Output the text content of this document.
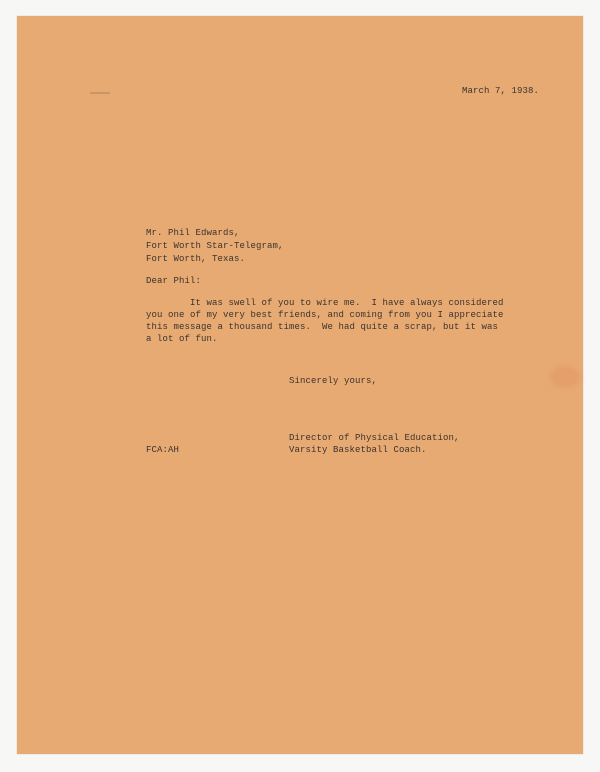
March 7, 1938.
Mr. Phil Edwards,
Fort Worth Star-Telegram,
Fort Worth, Texas.
Dear Phil:
It was swell of you to wire me.  I have always considered
you one of my very best friends, and coming from you I appreciate
this message a thousand times.  We had quite a scrap, but it was
a lot of fun.
Sincerely yours,
Director of Physical Education,
FCA:AH	Varsity Basketball Coach.
